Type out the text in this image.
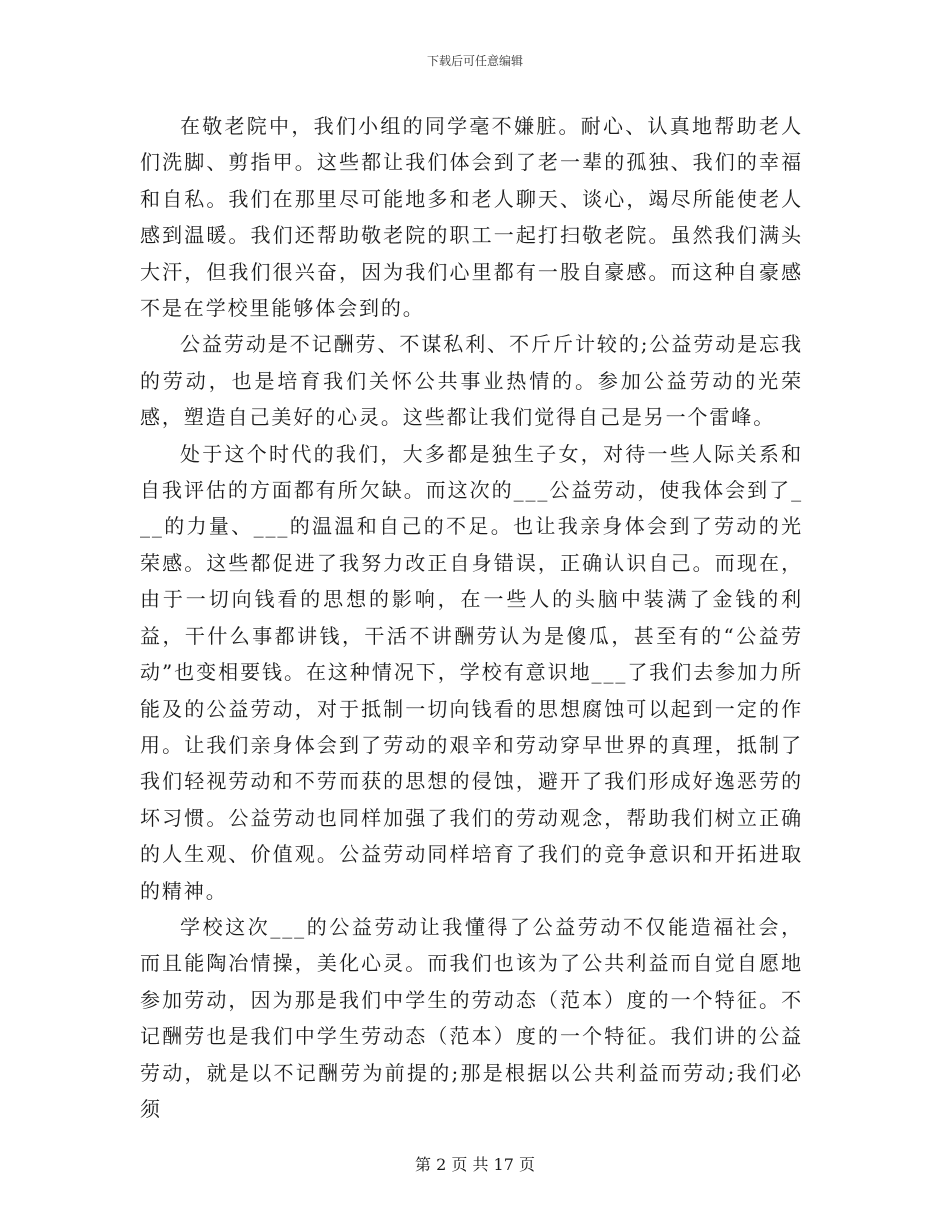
下载后可任意编辑

在敬老院中，我们小组的同学毫不嫌脏。耐心、认真地帮助老人们洗脚、剪指甲。这些都让我们体会到了老一辈的孤独、我们的幸福和自私。我们在那里尽可能地多和老人聊天、谈心，竭尽所能使老人感到温暖。我们还帮助敬老院的职工一起打扫敬老院。虽然我们满头大汗，但我们很兴奋，因为我们心里都有一股自豪感。而这种自豪感不是在学校里能够体会到的。

公益劳动是不记酬劳、不谋私利、不斤斤计较的;公益劳动是忘我的劳动，也是培育我们关怀公共事业热情的。参加公益劳动的光荣感，塑造自己美好的心灵。这些都让我们觉得自己是另一个雷峰。

处于这个时代的我们，大多都是独生子女，对待一些人际关系和自我评估的方面都有所欠缺。而这次的___公益劳动，使我体会到了___的力量、___的温温和自己的不足。也让我亲身体会到了劳动的光荣感。这些都促进了我努力改正自身错误，正确认识自己。而现在，由于一切向钱看的思想的影响，在一些人的头脑中装满了金钱的利益，干什么事都讲钱，干活不讲酬劳认为是傻瓜，甚至有的“公益劳动”也变相要钱。在这种情况下，学校有意识地___了我们去参加力所能及的公益劳动，对于抵制一切向钱看的思想腐蚀可以起到一定的作用。让我们亲身体会到了劳动的艰辛和劳动穿早世界的真理，抵制了我们轻视劳动和不劳而获的思想的侵蚀，避开了我们形成好逸恶劳的坏习惯。公益劳动也同样加强了我们的劳动观念，帮助我们树立正确的人生观、价值观。公益劳动同样培育了我们的竞争意识和开拓进取的精神。

学校这次___的公益劳动让我懂得了公益劳动不仅能造福社会，而且能陶冶情操，美化心灵。而我们也该为了公共利益而自觉自愿地参加劳动，因为那是我们中学生的劳动态（范本）度的一个特征。不记酬劳也是我们中学生劳动态（范本）度的一个特征。我们讲的公益劳动，就是以不记酬劳为前提的;那是根据以公共利益而劳动;我们必须

第 2 页 共 17 页
